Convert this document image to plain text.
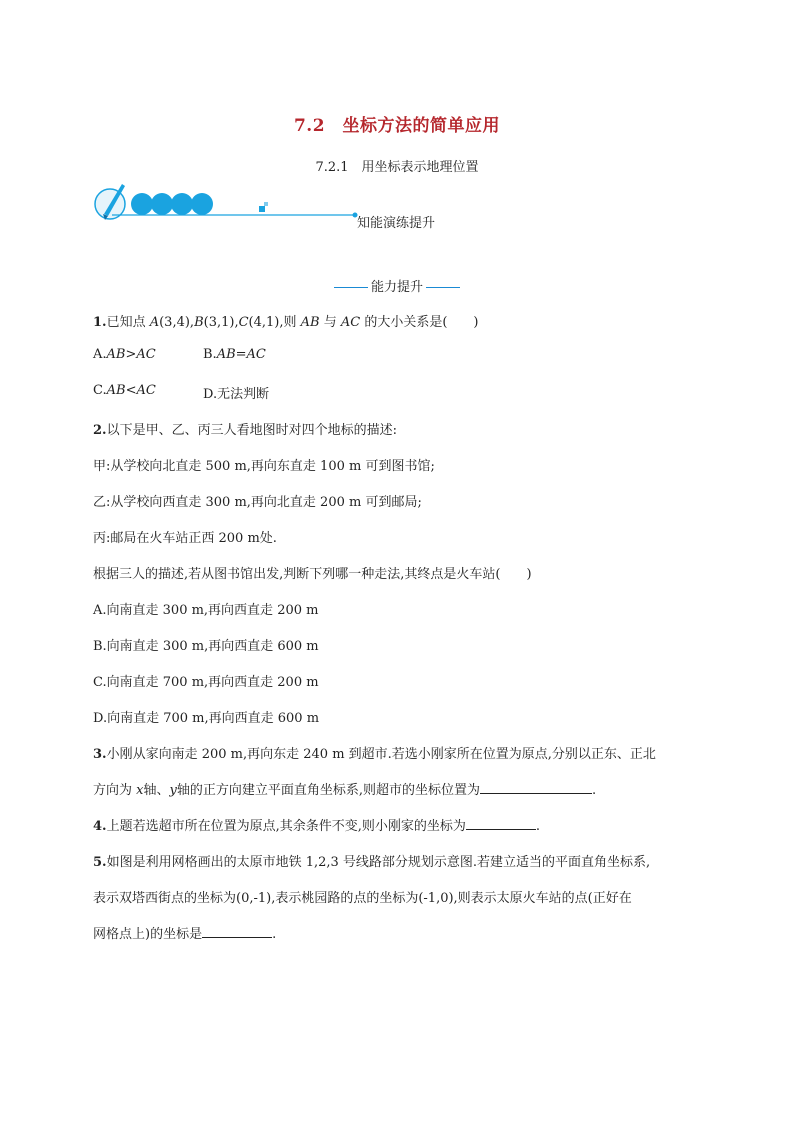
7.2　坐标方法的简单应用
7.2.1　用坐标表示地理位置
知能演练提升
能力提升
1.已知点 A(3,4),B(3,1),C(4,1),则 AB 与 AC 的大小关系是(　　)
A.AB>AC	B.AB=AC
C.AB<AC	D.无法判断
2.以下是甲、乙、丙三人看地图时对四个地标的描述:
甲:从学校向北直走 500 m,再向东直走 100 m 可到图书馆;
乙:从学校向西直走 300 m,再向北直走 200 m 可到邮局;
丙:邮局在火车站正西 200 m处.
根据三人的描述,若从图书馆出发,判断下列哪一种走法,其终点是火车站(　　)
A.向南直走 300 m,再向西直走 200 m
B.向南直走 300 m,再向西直走 600 m
C.向南直走 700 m,再向西直走 200 m
D.向南直走 700 m,再向西直走 600 m
3.小刚从家向南走 200 m,再向东走 240 m 到超市.若选小刚家所在位置为原点,分别以正东、正北
方向为 x轴、y轴的正方向建立平面直角坐标系,则超市的坐标位置为	.
4.上题若选超市所在位置为原点,其余条件不变,则小刚家的坐标为	.
5.如图是利用网格画出的太原市地铁 1,2,3 号线路部分规划示意图.若建立适当的平面直角坐标系,
表示双塔西街点的坐标为(0,-1),表示桃园路的点的坐标为(-1,0),则表示太原火车站的点(正好在
网格点上)的坐标是	.
